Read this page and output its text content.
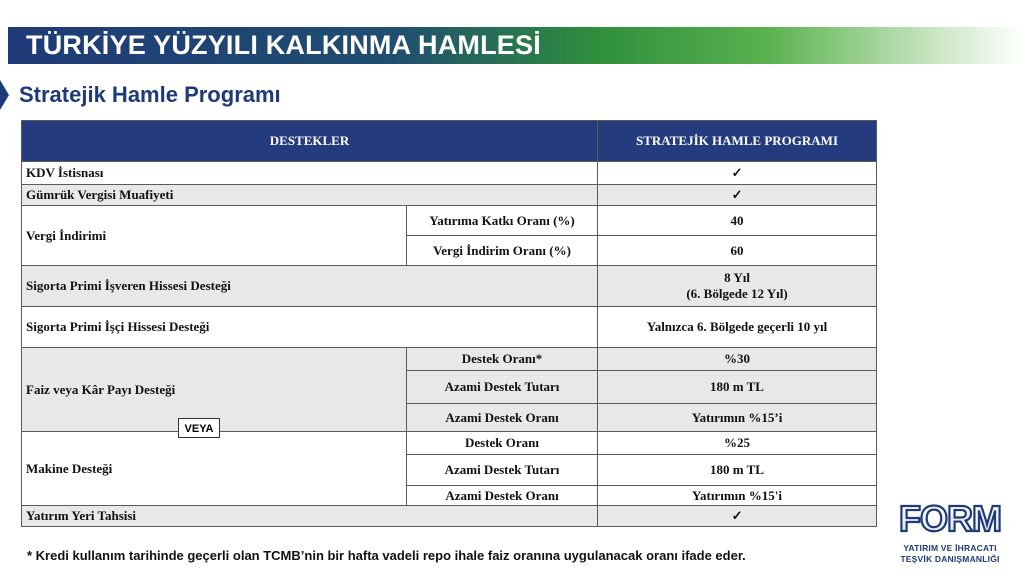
TÜRKİYE YÜZYILI KALKINMA HAMLESİ
Stratejik Hamle Programı
DESTEKLER		STRATEJİK HAMLE PROGRAMI
KDV İstisnası		✓
Gümrük Vergisi Muafiyeti		✓
Vergi İndirimi	Yatırıma Katkı Oranı (%)	40
	Vergi İndirim Oranı (%)	60
Sigorta Primi İşveren Hissesi Desteği		8 Yıl
(6. Bölgede 12 Yıl)

Sigorta Primi İşçi Hissesi Desteği		Yalnızca 6. Bölgede geçerli 10 yıl
Faiz veya Kâr Payı Desteği	Destek Oranı*	%30
	Azami Destek Tutarı	180 m TL
	Azami Destek Oranı	Yatırımın %15’i
Makine Desteği	Destek Oranı	%25
	Azami Destek Tutarı	180 m TL
	Azami Destek Oranı	Yatırımın %15'i
Yatırım Yeri Tahsisi		✓
VEYA
* Kredi kullanım tarihinde geçerli olan TCMB’nin bir hafta vadeli repo ihale faiz oranına uygulanacak oranı ifade eder.
FORM
YATIRIM VE İHRACATI
TEŞVİK DANIŞMANLIĞI
